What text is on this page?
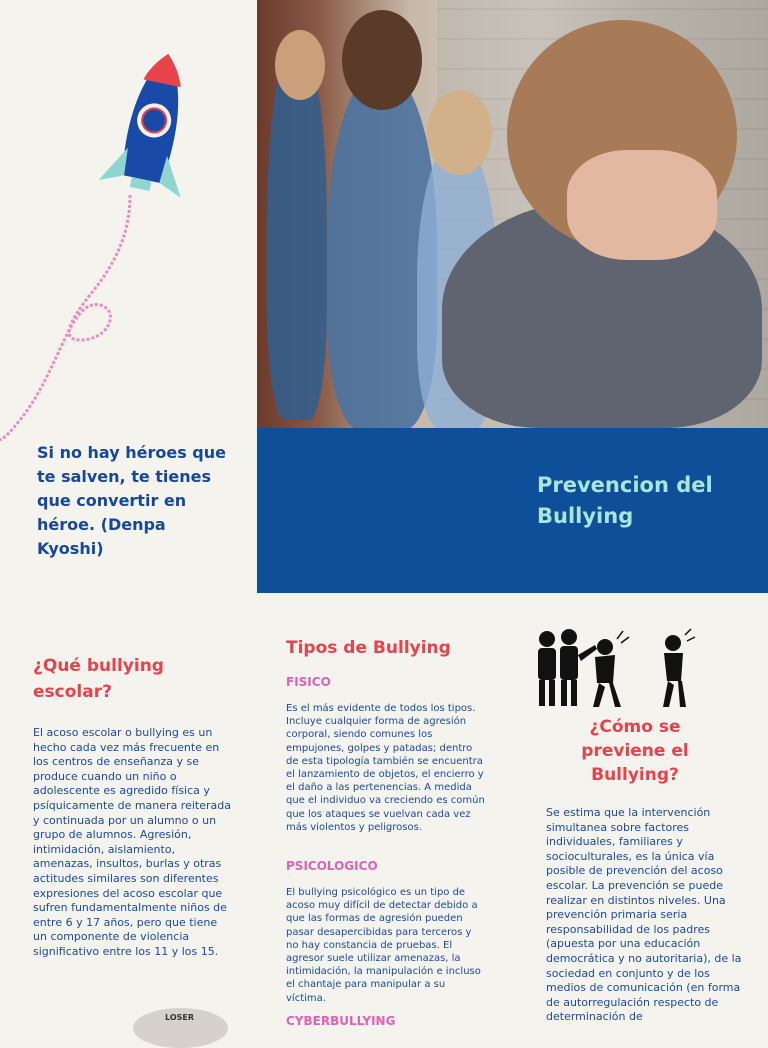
Prevencion del Bullying
Si no hay héroes que te salven, te tienes que convertir en héroe. (Denpa Kyoshi)
¿Qué bullying escolar?
El acoso escolar o bullying es un hecho cada vez más frecuente en los centros de enseñanza y se produce cuando un niño o adolescente es agredido física y psíquicamente de manera reiterada y continuada por un alumno o un grupo de alumnos. Agresión, intimidación, aislamiento, amenazas, insultos, burlas y otras actitudes similares son diferentes expresiones del acoso escolar que sufren fundamentalmente niños de entre 6 y 17 años, pero que tiene un componente de violencia significativo entre los 11 y los 15.
Tipos de Bullying
FISICO
Es el más evidente de todos los tipos. Incluye cualquier forma de agresión corporal, siendo comunes los empujones, golpes y patadas; dentro de esta tipología también se encuentra el lanzamiento de objetos, el encierro y el daño a las pertenencias. A medida que el individuo va creciendo es común que los ataques se vuelvan cada vez más violentos y peligrosos.
PSICOLOGICO
El bullying psicológico es un tipo de acoso muy difícil de detectar debido a que las formas de agresión pueden pasar desapercibidas para terceros y no hay constancia de pruebas. El agresor suele utilizar amenazas, la intimidación, la manipulación e incluso el chantaje para manipular a su víctima.
CYBERBULLYING
¿Cómo se previene el Bullying?
Se estima que la intervención simultanea sobre factores individuales, familiares y socioculturales, es la única vía posible de prevención del acoso escolar. La prevención se puede realizar en distintos niveles. Una prevención primaria seria responsabilidad de los padres (apuesta por una educación democrática y no autoritaria), de la sociedad en conjunto y de los medios de comunicación (en forma de autorregulación respecto de determinación de
LOSER
